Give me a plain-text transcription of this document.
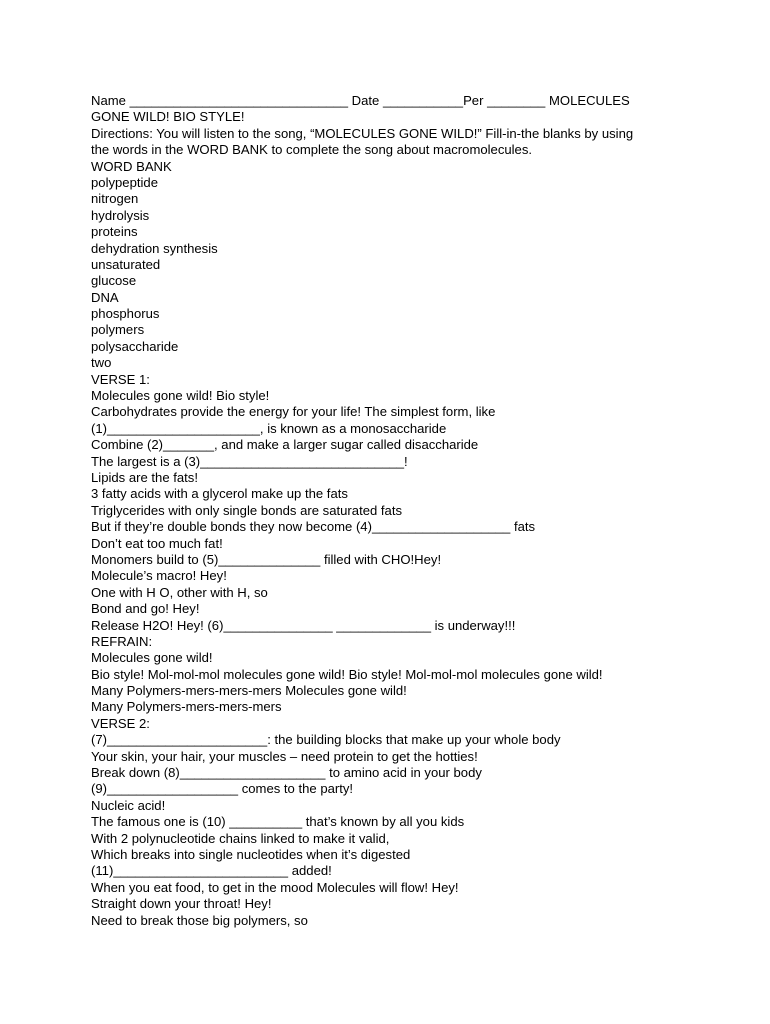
Name ______________________________ Date ___________Per ________ MOLECULES
GONE WILD! BIO STYLE!
Directions: You will listen to the song, “MOLECULES GONE WILD!” Fill-in-the blanks by using
the words in the WORD BANK to complete the song about macromolecules.
WORD BANK
polypeptide
nitrogen
hydrolysis
proteins
dehydration synthesis
unsaturated
glucose
DNA
phosphorus
polymers
polysaccharide
two
VERSE 1:
Molecules gone wild! Bio style!
Carbohydrates provide the energy for your life! The simplest form, like
(1)_____________________, is known as a monosaccharide
Combine (2)_______, and make a larger sugar called disaccharide
The largest is a (3)____________________________!
Lipids are the fats!
3 fatty acids with a glycerol make up the fats
Triglycerides with only single bonds are saturated fats
But if they’re double bonds they now become (4)___________________ fats
Don’t eat too much fat!
Monomers build to (5)______________ filled with CHO!Hey!
Molecule’s macro! Hey!
One with H O, other with H, so
Bond and go! Hey!
Release H2O! Hey! (6)_______________ _____________ is underway!!!
REFRAIN:
Molecules gone wild!
Bio style! Mol-mol-mol molecules gone wild! Bio style! Mol-mol-mol molecules gone wild!
Many Polymers-mers-mers-mers Molecules gone wild!
Many Polymers-mers-mers-mers
VERSE 2:
(7)______________________: the building blocks that make up your whole body
Your skin, your hair, your muscles – need protein to get the hotties!
Break down (8)____________________ to amino acid in your body
(9)__________________ comes to the party!
Nucleic acid!
The famous one is (10) __________ that’s known by all you kids
With 2 polynucleotide chains linked to make it valid,
Which breaks into single nucleotides when it’s digested
(11)________________________ added!
When you eat food, to get in the mood Molecules will flow! Hey!
Straight down your throat! Hey!
Need to break those big polymers, so
